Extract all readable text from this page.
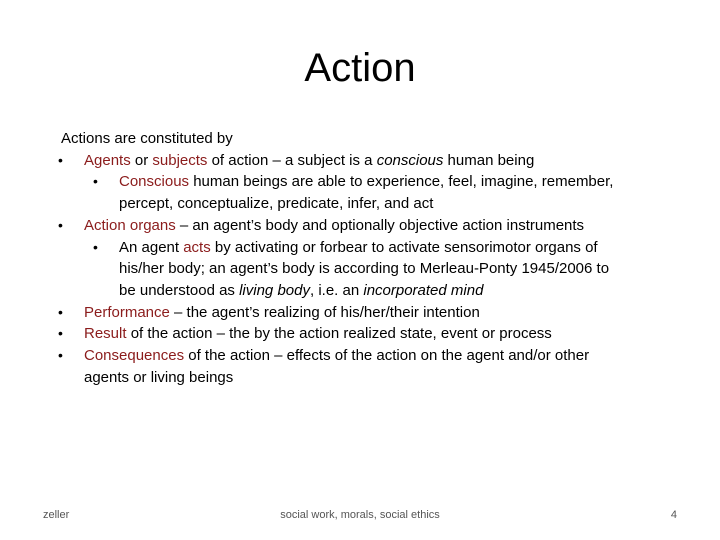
Action
Actions are constituted by
• Agents or subjects of action – a subject is a conscious human being
• Conscious human beings are able to experience, feel, imagine, remember,
percept, conceptualize, predicate, infer, and act
• Action organs – an agent’s body and optionally objective action instruments
• An agent acts by activating or forbear to activate sensorimotor organs of
his/her body; an agent’s body is according to Merleau-Ponty 1945/2006 to
be understood as living body, i.e. an incorporated mind
• Performance – the agent’s realizing of his/her/their intention
• Result of the action – the by the action realized state, event or process
• Consequences of the action – effects of the action on the agent and/or other
agents or living beings
zeller	social work, morals, social ethics	4
